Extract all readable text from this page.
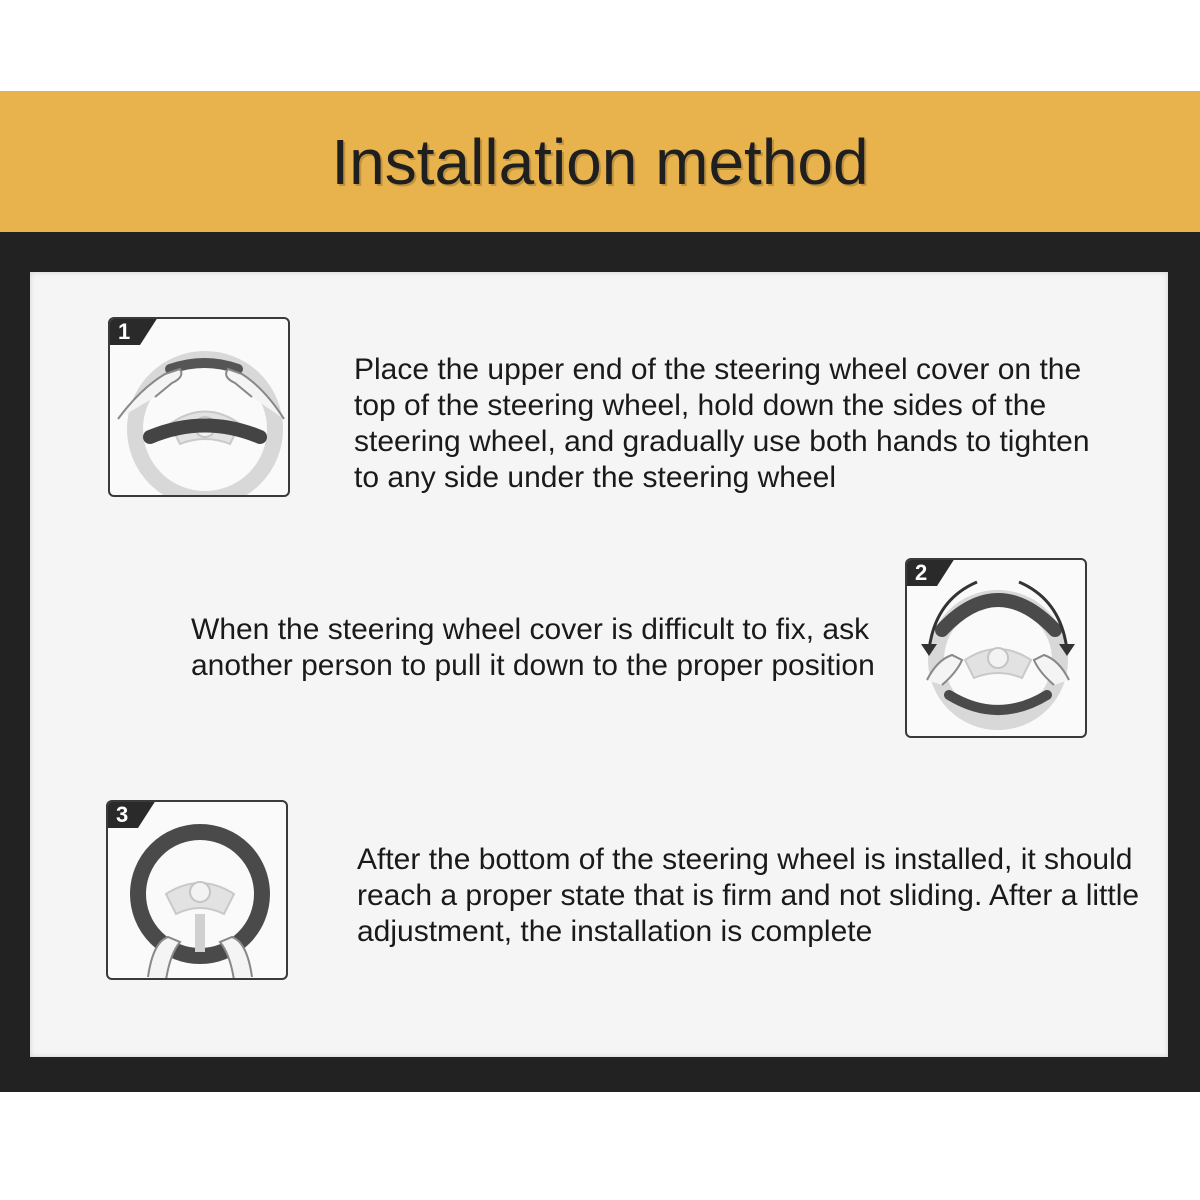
Installation method
1

Place the upper end of the steering wheel cover on the top of the steering wheel, hold down the sides of the steering wheel, and gradually use both hands to tighten to any side under the steering wheel

2

When the steering wheel cover is difficult to fix, ask another person to pull it down to the proper position

3

After the bottom of the steering wheel is installed, it should reach a proper state that is firm and not sliding. After a little adjustment, the installation is complete
